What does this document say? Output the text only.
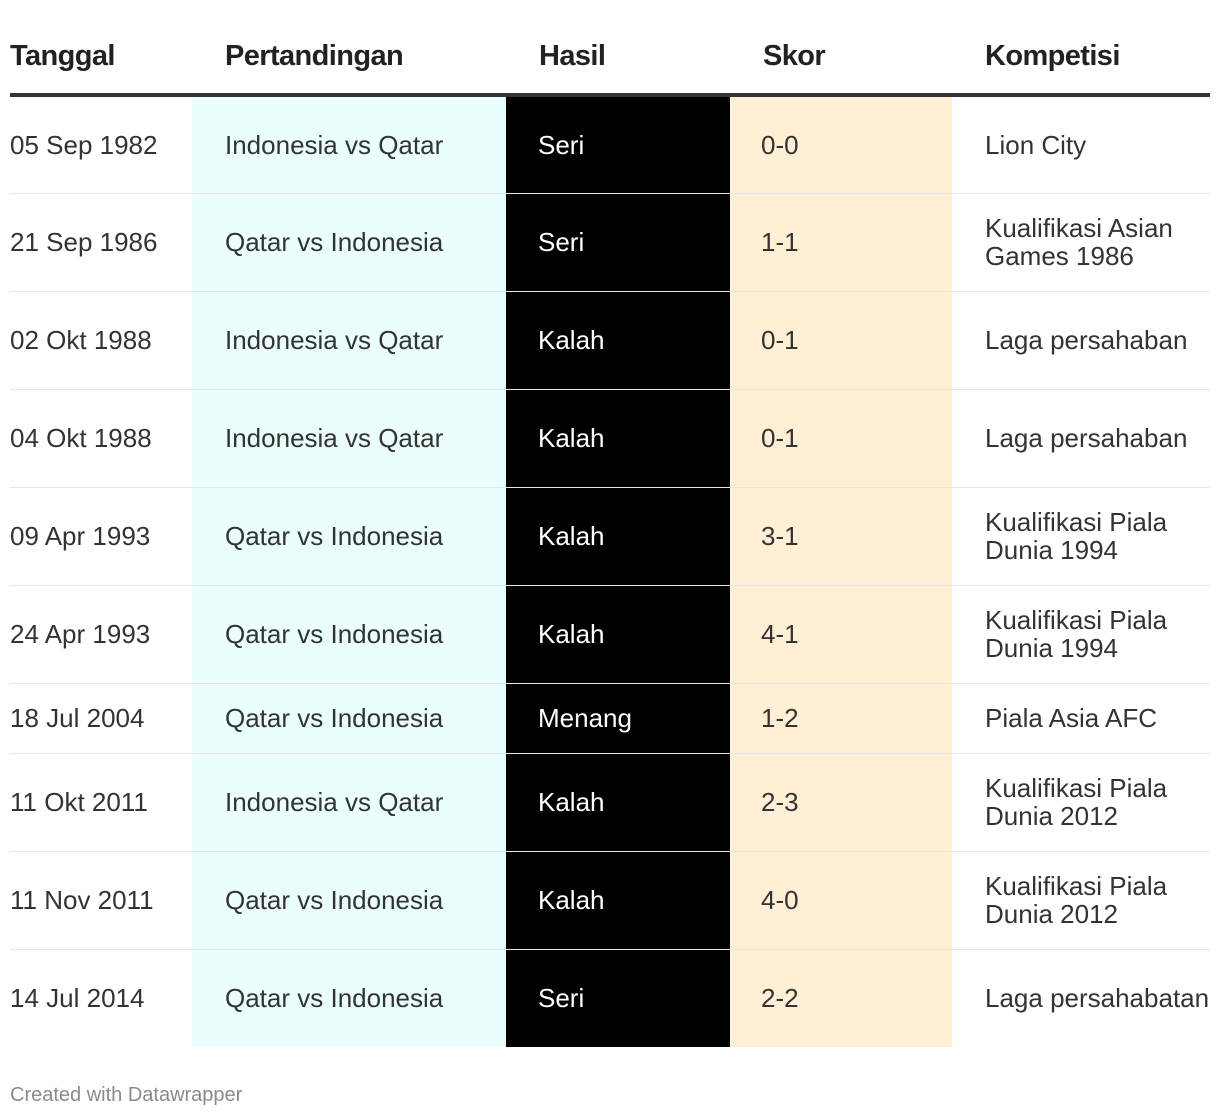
Tanggal	Pertandingan	Hasil	Skor	Kompetisi

05 Sep 1982	Indonesia vs Qatar	Seri	0-0	Lion City
21 Sep 1986	Qatar vs Indonesia	Seri	1-1	Kualifikasi Asian Games 1986
02 Okt 1988	Indonesia vs Qatar	Kalah	0-1	Laga persahaban
04 Okt 1988	Indonesia vs Qatar	Kalah	0-1	Laga persahaban
09 Apr 1993	Qatar vs Indonesia	Kalah	3-1	Kualifikasi Piala Dunia 1994
24 Apr 1993	Qatar vs Indonesia	Kalah	4-1	Kualifikasi Piala Dunia 1994
18 Jul 2004	Qatar vs Indonesia	Menang	1-2	Piala Asia AFC
11 Okt 2011	Indonesia vs Qatar	Kalah	2-3	Kualifikasi Piala Dunia 2012
11 Nov 2011	Qatar vs Indonesia	Kalah	4-0	Kualifikasi Piala Dunia 2012
14 Jul 2014	Qatar vs Indonesia	Seri	2-2	Laga persahabatan
Created with Datawrapper
